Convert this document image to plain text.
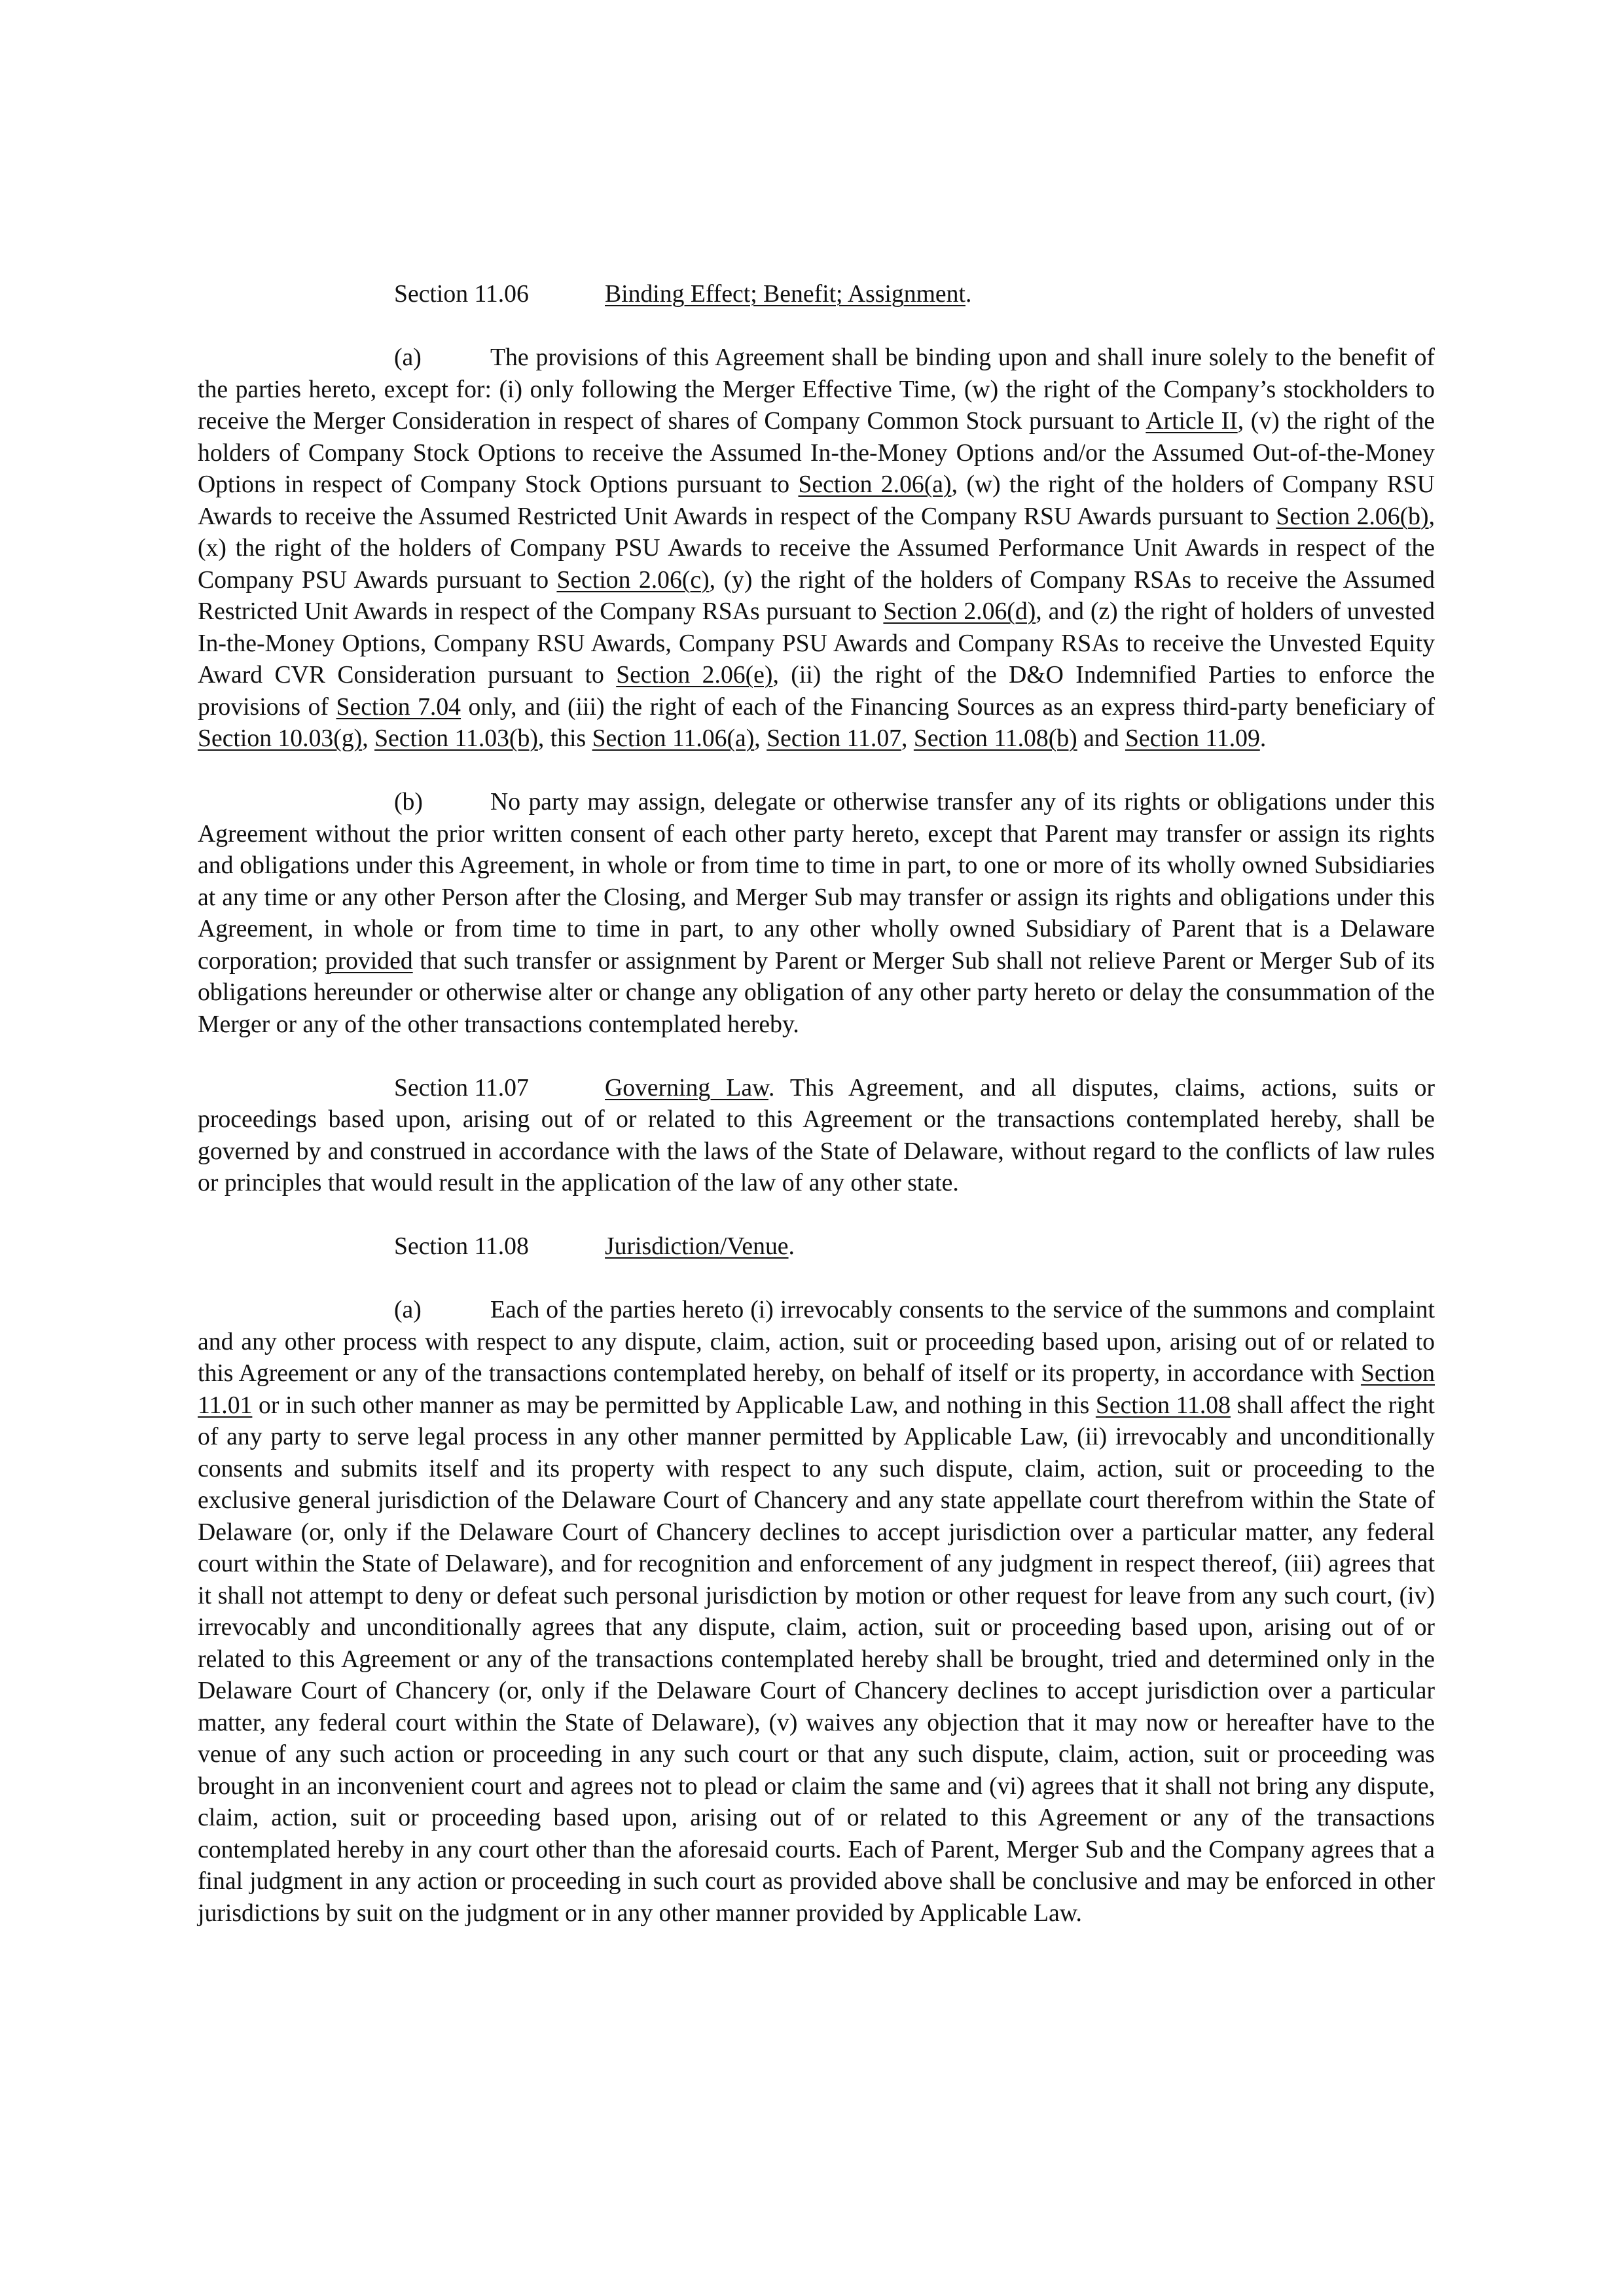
Section 11.06	Binding Effect; Benefit; Assignment.

(a)	The provisions of this Agreement shall be binding upon and shall inure solely to the benefit of the parties hereto, except for: (i) only following the Merger Effective Time, (w) the right of the Company’s stockholders to receive the Merger Consideration in respect of shares of Company Common Stock pursuant to Article II, (v) the right of the holders of Company Stock Options to receive the Assumed In-the-Money Options and/or the Assumed Out-of-the-Money Options in respect of Company Stock Options pursuant to Section 2.06(a), (w) the right of the holders of Company RSU Awards to receive the Assumed Restricted Unit Awards in respect of the Company RSU Awards pursuant to Section 2.06(b), (x) the right of the holders of Company PSU Awards to receive the Assumed Performance Unit Awards in respect of the Company PSU Awards pursuant to Section 2.06(c), (y) the right of the holders of Company RSAs to receive the Assumed Restricted Unit Awards in respect of the Company RSAs pursuant to Section 2.06(d), and (z) the right of holders of unvested In-the-Money Options, Company RSU Awards, Company PSU Awards and Company RSAs to receive the Unvested Equity Award CVR Consideration pursuant to Section 2.06(e), (ii) the right of the D&O Indemnified Parties to enforce the provisions of Section 7.04 only, and (iii) the right of each of the Financing Sources as an express third-party beneficiary of Section 10.03(g), Section 11.03(b), this Section 11.06(a), Section 11.07, Section 11.08(b) and Section 11.09.

(b)	No party may assign, delegate or otherwise transfer any of its rights or obligations under this Agreement without the prior written consent of each other party hereto, except that Parent may transfer or assign its rights and obligations under this Agreement, in whole or from time to time in part, to one or more of its wholly owned Subsidiaries at any time or any other Person after the Closing, and Merger Sub may transfer or assign its rights and obligations under this Agreement, in whole or from time to time in part, to any other wholly owned Subsidiary of Parent that is a Delaware corporation; provided that such transfer or assignment by Parent or Merger Sub shall not relieve Parent or Merger Sub of its obligations hereunder or otherwise alter or change any obligation of any other party hereto or delay the consummation of the Merger or any of the other transactions contemplated hereby.

Section 11.07	Governing Law. This Agreement, and all disputes, claims, actions, suits or proceedings based upon, arising out of or related to this Agreement or the transactions contemplated hereby, shall be governed by and construed in accordance with the laws of the State of Delaware, without regard to the conflicts of law rules or principles that would result in the application of the law of any other state.

Section 11.08	Jurisdiction/Venue.

(a)	Each of the parties hereto (i) irrevocably consents to the service of the summons and complaint and any other process with respect to any dispute, claim, action, suit or proceeding based upon, arising out of or related to this Agreement or any of the transactions contemplated hereby, on behalf of itself or its property, in accordance with Section 11.01 or in such other manner as may be permitted by Applicable Law, and nothing in this Section 11.08 shall affect the right of any party to serve legal process in any other manner permitted by Applicable Law, (ii) irrevocably and unconditionally consents and submits itself and its property with respect to any such dispute, claim, action, suit or proceeding to the exclusive general jurisdiction of the Delaware Court of Chancery and any state appellate court therefrom within the State of Delaware (or, only if the Delaware Court of Chancery declines to accept jurisdiction over a particular matter, any federal court within the State of Delaware), and for recognition and enforcement of any judgment in respect thereof, (iii) agrees that it shall not attempt to deny or defeat such personal jurisdiction by motion or other request for leave from any such court, (iv) irrevocably and unconditionally agrees that any dispute, claim, action, suit or proceeding based upon, arising out of or related to this Agreement or any of the transactions contemplated hereby shall be brought, tried and determined only in the Delaware Court of Chancery (or, only if the Delaware Court of Chancery declines to accept jurisdiction over a particular matter, any federal court within the State of Delaware), (v) waives any objection that it may now or hereafter have to the venue of any such action or proceeding in any such court or that any such dispute, claim, action, suit or proceeding was brought in an inconvenient court and agrees not to plead or claim the same and (vi) agrees that it shall not bring any dispute, claim, action, suit or proceeding based upon, arising out of or related to this Agreement or any of the transactions contemplated hereby in any court other than the aforesaid courts. Each of Parent, Merger Sub and the Company agrees that a final judgment in any action or proceeding in such court as provided above shall be conclusive and may be enforced in other jurisdictions by suit on the judgment or in any other manner provided by Applicable Law.
